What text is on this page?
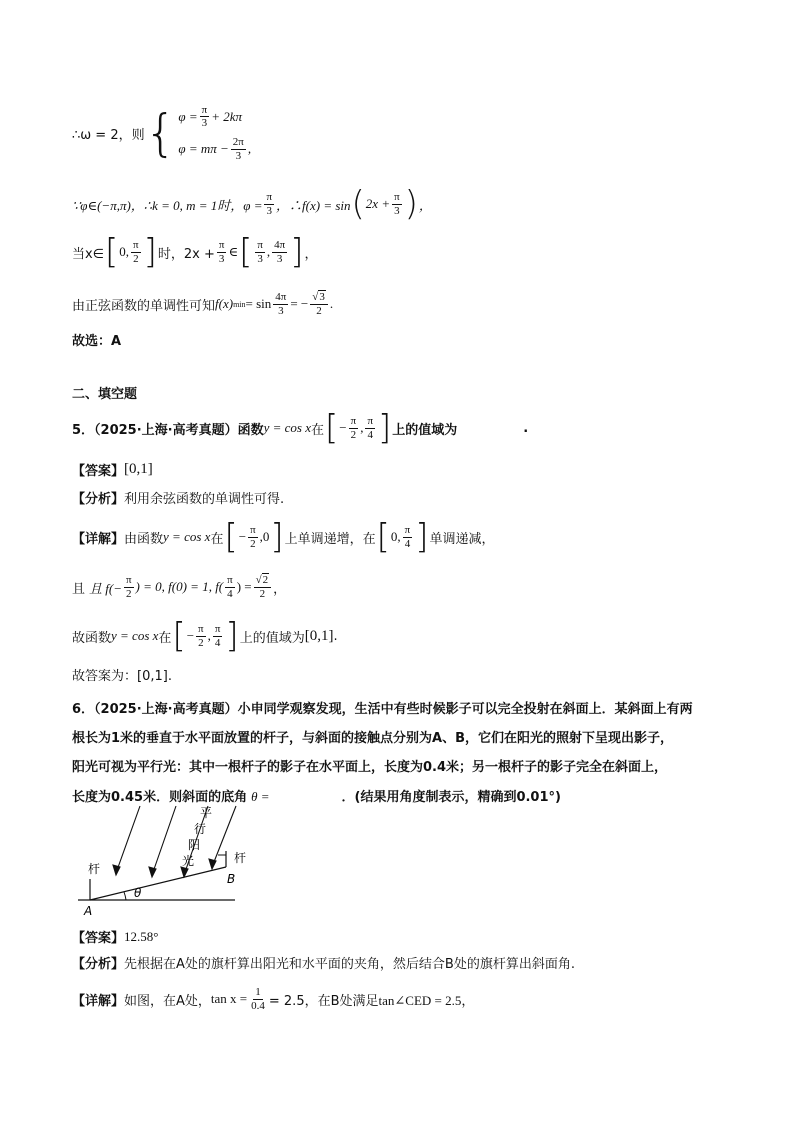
∴ω = 2，则 { $\varphi = \frac{\pi}{3} + 2k\pi$
$\varphi = m\pi - \frac{2\pi}{3}$ ,
∵φ∈(−π,π)，∴k = 0, m = 1时，$\varphi = \frac{\pi}{3}$ ，∴f(x) = sin ( $2x + \frac{\pi}{3}$ ) ，
当x∈ [ 0, $\frac{\pi}{2}$ ] 时，$2x + \frac{\pi}{3}$ ∈ [ $\frac{\pi}{3}$ , $\frac{4\pi}{3}$ ] ，
由正弦函数的单调性可知 f(x) $\min = \sin \frac{4\pi}{3}$ = − $\frac{√3}{2}$ .
故选：A
二、填空题
5．（2025·上海·高考真题）函数 y = cos x 在 [ − $\frac{\pi}{2}$ , $\frac{\pi}{4}$ ] 上的值域为	.
【答案】 [0,1]
【分析】 利用余弦函数的单调性可得.
【详解】 由函数 y = cos x 在 [ − $\frac{\pi}{2} ,0$ ] 上单调递增，在 [ 0, $\frac{\pi}{4}$ ] 单调递减，
且 且 $f(- \frac{\pi}{2}$ ) = 0, f(0) = 1, $f( \frac{\pi}{4}$ ) = $\frac{√2}{2}$ ，
故函数 y = cos x 在 [ − $\frac{\pi}{2}$ , $\frac{\pi}{4}$ ] 上的值域为 [0,1] .
故答案为：[0,1].
6．（2025·上海·高考真题）小申同学观察发现，生活中有些时候影子可以完全投射在斜面上．某斜面上有两
根长为1米的垂直于水平面放置的杆子，与斜面的接触点分别为A、B，它们在阳光的照射下呈现出影子，
阳光可视为平行光：其中一根杆子的影子在水平面上，长度为0.4米；另一根杆子的影子完全在斜面上，
长度为0.45米．则斜面的底角 θ =	．(结果用角度制表示，精确到0.01°)
杆
杆
平
行
阳
光
A
B
θ
【答案】 12.58°
【分析】 先根据在A处的旗杆算出阳光和水平面的夹角，然后结合B处的旗杆算出斜面角.
【详解】 如图，在A处， $\tan x = \frac{1}{0.4} = 2.5$，在B处满足 tan∠CED = 2.5，
